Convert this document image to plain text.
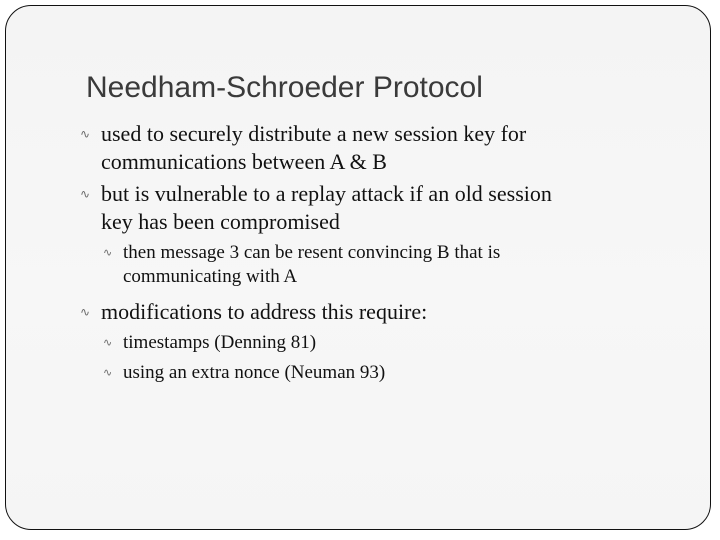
Needham-Schroeder Protocol
∿ used to securely distribute a new session key for
communications between A & B
∿ but is vulnerable to a replay attack if an old session
key has been compromised
∿ then message 3 can be resent convincing B that is
communicating with A
∿ modifications to address this require:
∿ timestamps (Denning 81)
∿ using an extra nonce (Neuman 93)
